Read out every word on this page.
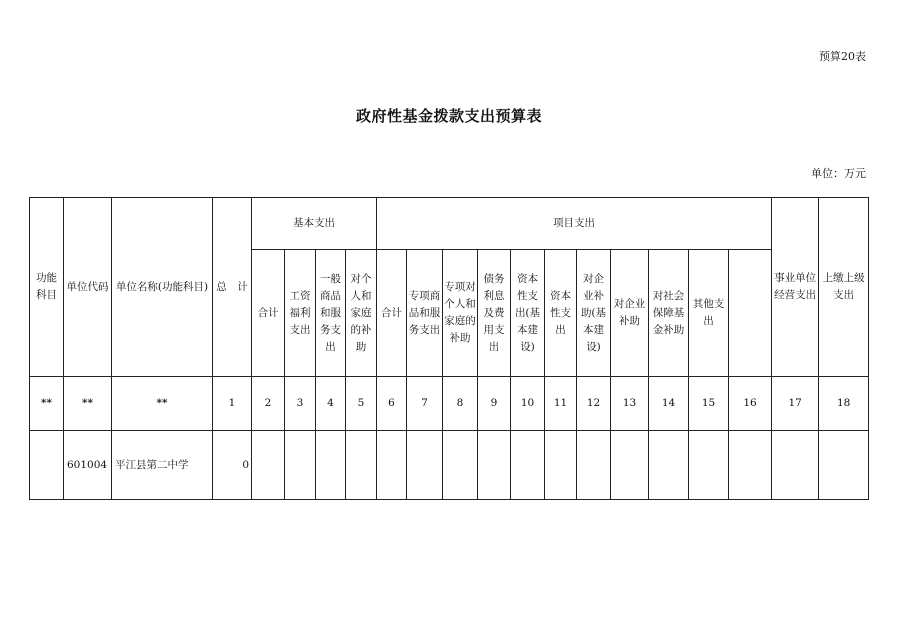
预算20表
政府性基金拨款支出预算表
单位：万元
功能科目	单位代码	单位名称(功能科目)	总　计	基本支出				项目支出											事业单位经营支出	上缴上级支出	
				合计	工资福利支出	一般商品和服务支出	对个人和家庭的补助	合计	专项商品和服务支出	专项对个人和家庭的补助	债务利息及费用支出	资本性支出(基本建设)	资本性支出	对企业补助(基本建设)	对企业补助	对社会保障基金补助	其他支出				
**	**	**	1	2	3	4	5	6	7	8	9	10	11	12	13	14	15	16	17	18	
	601004	平江县第二中学	0																		
